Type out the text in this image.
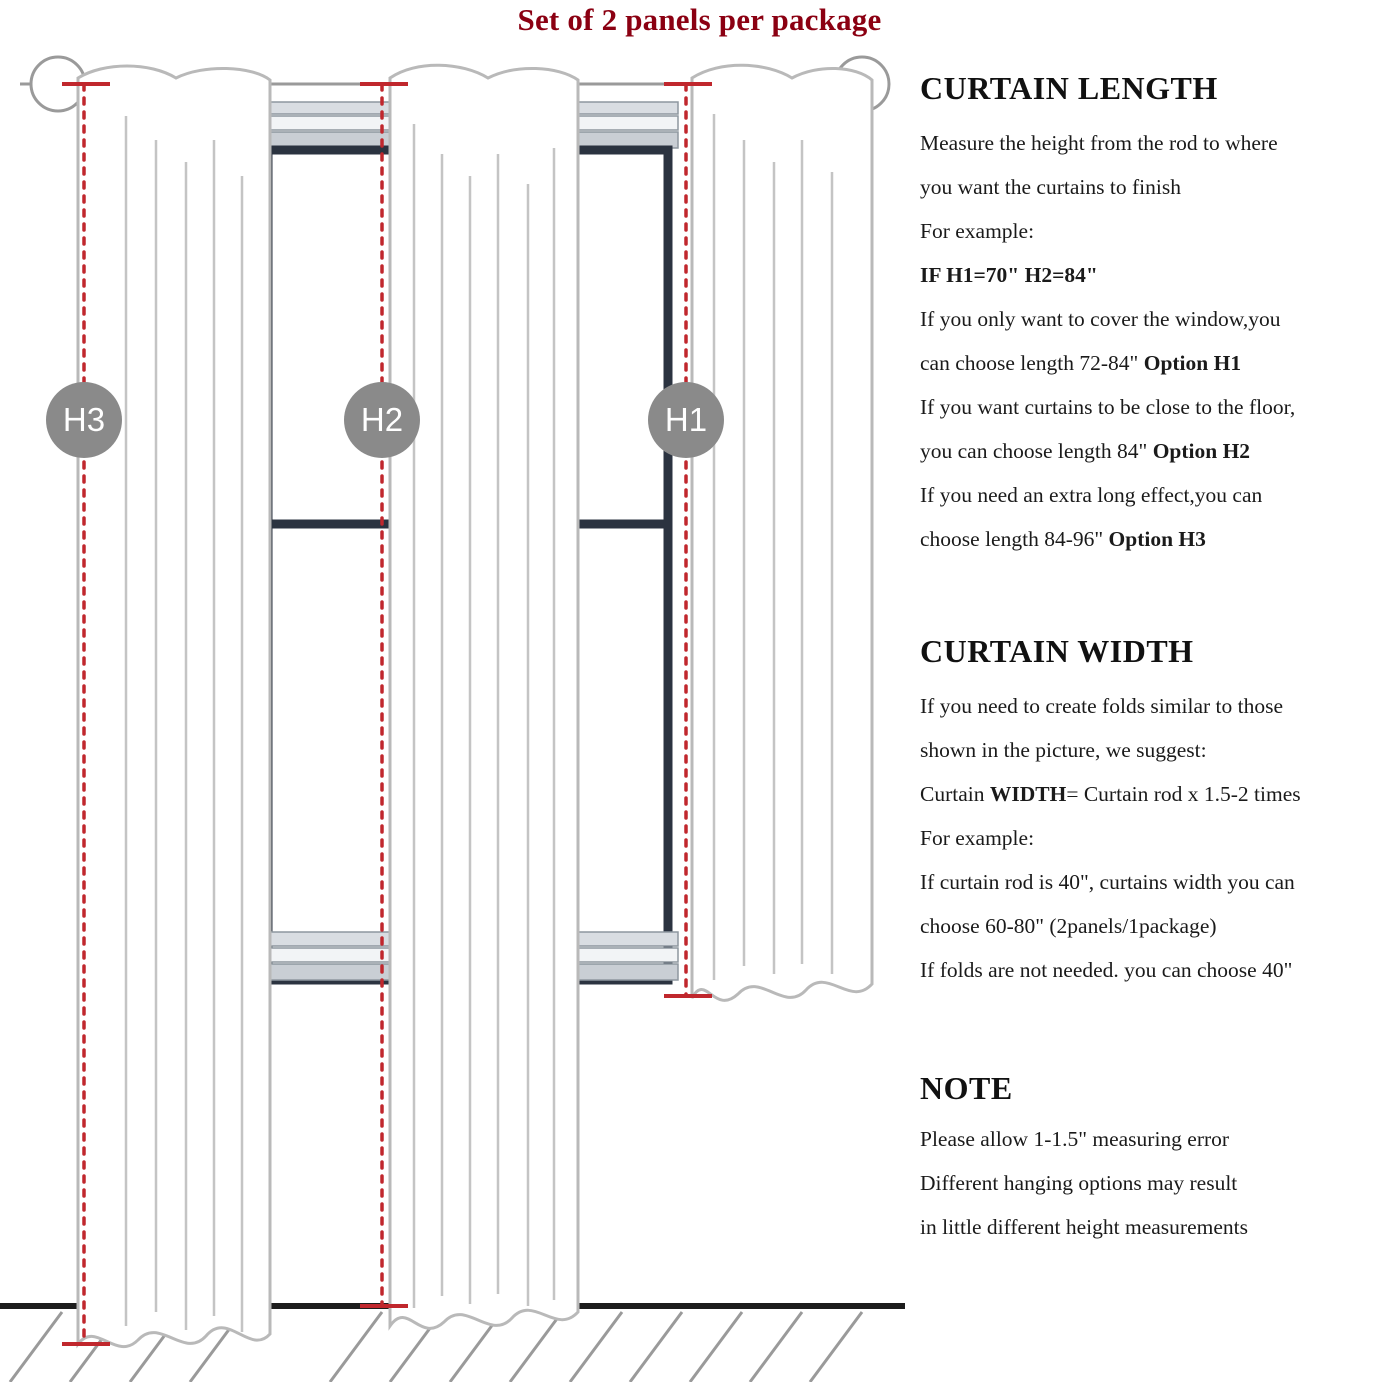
Set of 2 panels per package
H3	H2	H1
CURTAIN LENGTH
Measure the height from the rod to where
you want the curtains to finish
For example:
IF H1=70" H2=84"
If you only want to cover the window,you
can choose length 72-84" Option H1
If you want curtains to be close to the floor,
you can choose length 84" Option H2
If you need an extra long effect,you can
choose length 84-96" Option H3
CURTAIN WIDTH
If you need to create folds similar to those
shown in the picture, we suggest:
Curtain WIDTH= Curtain rod x 1.5-2 times
For example:
If curtain rod is 40", curtains width you can
choose 60-80" (2panels/1package)
If folds are not needed. you can choose 40"
NOTE
Please allow 1-1.5" measuring error
Different hanging options may result
in little different height measurements
